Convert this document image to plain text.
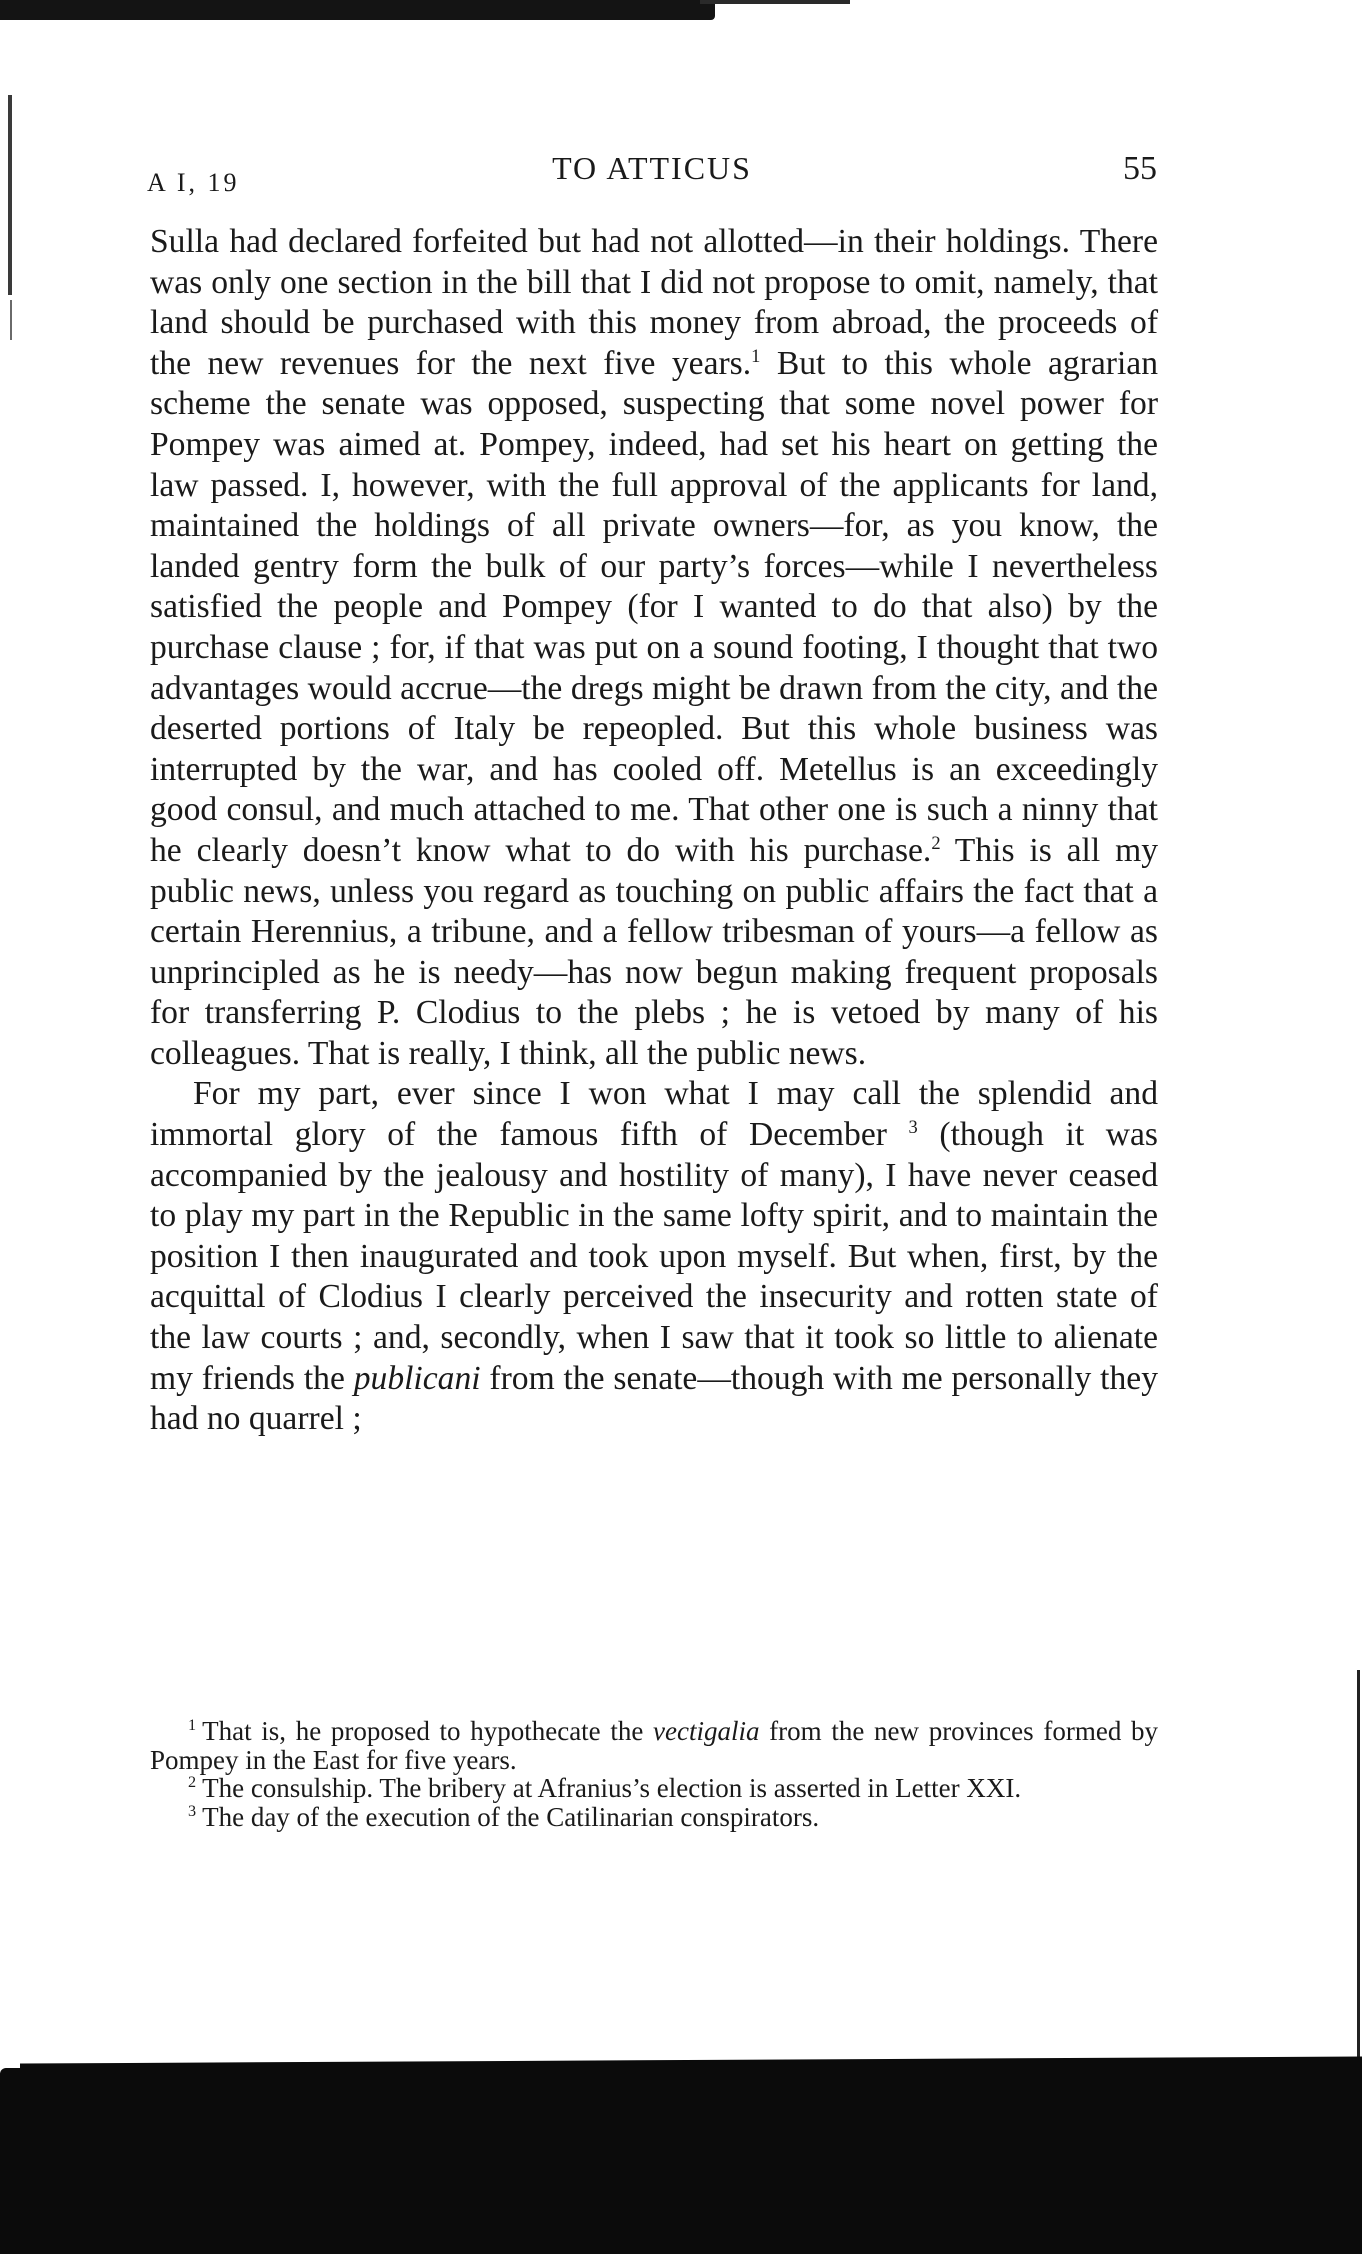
A I, 19	TO ATTICUS	55

Sulla had declared forfeited but had not allotted—in their holdings. There was only one section in the bill that I did not propose to omit, namely, that land should be purchased with this money from abroad, the proceeds of the new revenues for the next five years.$^1$ But to this whole agrarian scheme the senate was opposed, suspecting that some novel power for Pompey was aimed at. Pompey, indeed, had set his heart on getting the law passed. I, however, with the full approval of the applicants for land, maintained the holdings of all private owners—for, as you know, the landed gentry form the bulk of our party’s forces—while I nevertheless satisfied the people and Pompey (for I wanted to do that also) by the purchase clause ; for, if that was put on a sound footing, I thought that two advantages would accrue—the dregs might be drawn from the city, and the deserted portions of Italy be repeopled. But this whole business was interrupted by the war, and has cooled off. Metellus is an exceedingly good consul, and much attached to me. That other one is such a ninny that he clearly doesn’t know what to do with his purchase.$^2$ This is all my public news, unless you regard as touching on public affairs the fact that a certain Herennius, a tribune, and a fellow tribesman of yours—a fellow as unprincipled as he is needy—has now begun making frequent proposals for transferring P. Clodius to the plebs ; he is vetoed by many of his colleagues. That is really, I think, all the public news.

For my part, ever since I won what I may call the splendid and immortal glory of the famous fifth of December $^3$ (though it was accompanied by the jealousy and hostility of many), I have never ceased to play my part in the Republic in the same lofty spirit, and to maintain the position I then inaugurated and took upon myself. But when, first, by the acquittal of Clodius I clearly perceived the insecurity and rotten state of the law courts ; and, secondly, when I saw that it took so little to alienate my friends the publicani from the senate—though with me personally they had no quarrel ;

$^1$ That is, he proposed to hypothecate the vectigalia from the new provinces formed by Pompey in the East for five years.

$^2$ The consulship. The bribery at Afranius’s election is asserted in Letter XXI.

$^3$ The day of the execution of the Catilinarian conspirators.
